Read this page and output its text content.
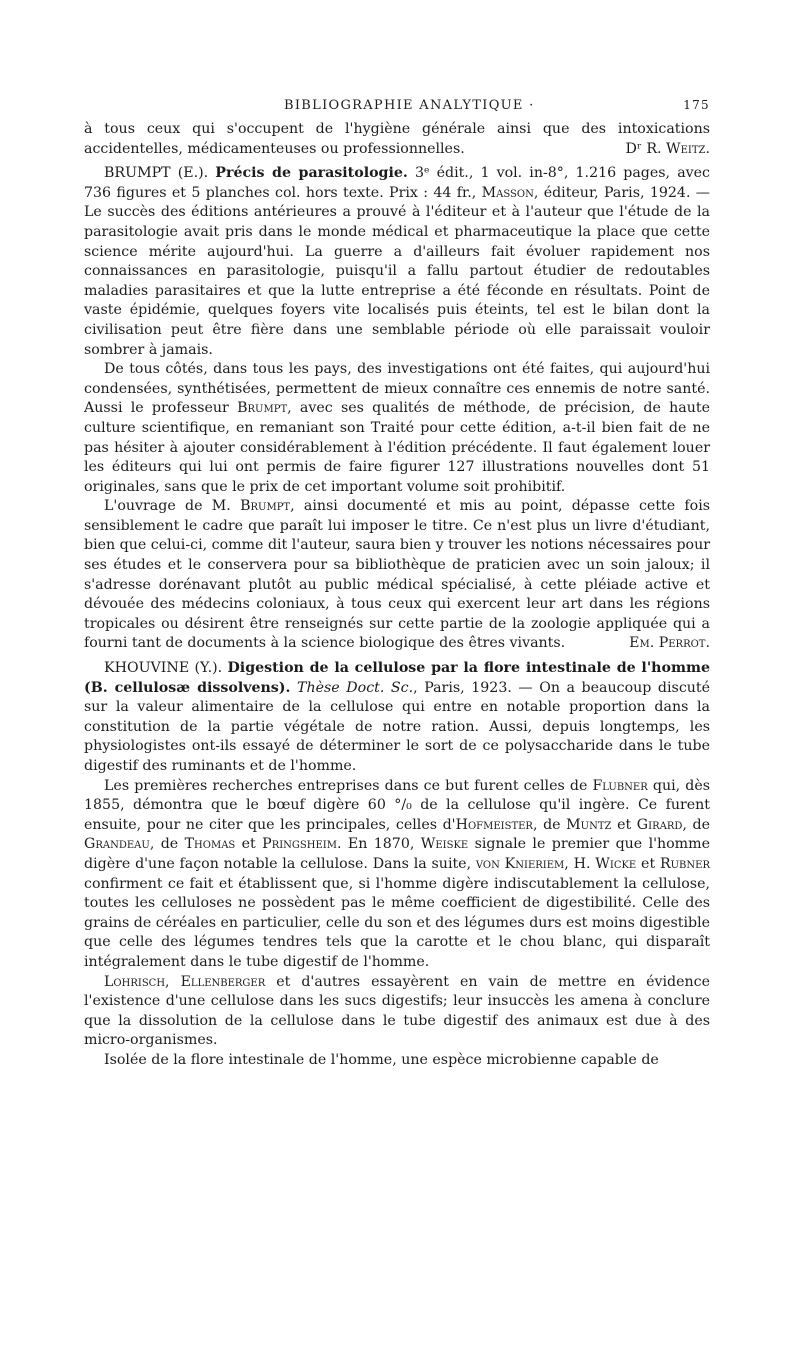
BIBLIOGRAPHIE ANALYTIQUE ·	175

à tous ceux qui s'occupent de l'hygiène générale ainsi que des intoxications accidentelles, médicamenteuses ou professionnelles.	Dʳ R. Weitz.

BRUMPT (E.). Précis de parasitologie. 3ᵉ édit., 1 vol. in-8°, 1.216 pages, avec 736 figures et 5 planches col. hors texte. Prix : 44 fr., Masson, éditeur, Paris, 1924. — Le succès des éditions antérieures a prouvé à l'éditeur et à l'auteur que l'étude de la parasitologie avait pris dans le monde médical et pharmaceutique la place que cette science mérite aujourd'hui. La guerre a d'ailleurs fait évoluer rapidement nos connaissances en parasitologie, puisqu'il a fallu partout étudier de redoutables maladies parasitaires et que la lutte entreprise a été féconde en résultats. Point de vaste épidémie, quelques foyers vite localisés puis éteints, tel est le bilan dont la civilisation peut être fière dans une semblable période où elle paraissait vouloir sombrer à jamais.

De tous côtés, dans tous les pays, des investigations ont été faites, qui aujourd'hui condensées, synthétisées, permettent de mieux connaître ces ennemis de notre santé. Aussi le professeur Brumpt, avec ses qualités de méthode, de précision, de haute culture scientifique, en remaniant son Traité pour cette édition, a-t-il bien fait de ne pas hésiter à ajouter considérablement à l'édition précédente. Il faut également louer les éditeurs qui lui ont permis de faire figurer 127 illustrations nouvelles dont 51 originales, sans que le prix de cet important volume soit prohibitif.

L'ouvrage de M. Brumpt, ainsi documenté et mis au point, dépasse cette fois sensiblement le cadre que paraît lui imposer le titre. Ce n'est plus un livre d'étudiant, bien que celui-ci, comme dit l'auteur, saura bien y trouver les notions nécessaires pour ses études et le conservera pour sa bibliothèque de praticien avec un soin jaloux; il s'adresse dorénavant plutôt au public médical spécialisé, à cette pléiade active et dévouée des médecins coloniaux, à tous ceux qui exercent leur art dans les régions tropicales ou désirent être renseignés sur cette partie de la zoologie appliquée qui a fourni tant de documents à la science biologique des êtres vivants.	Em. Perrot.

KHOUVINE (Y.). Digestion de la cellulose par la flore intestinale de l'homme (B. cellulosæ dissolvens). Thèse Doct. Sc., Paris, 1923. — On a beaucoup discuté sur la valeur alimentaire de la cellulose qui entre en notable proportion dans la constitution de la partie végétale de notre ration. Aussi, depuis longtemps, les physiologistes ont-ils essayé de déterminer le sort de ce polysaccharide dans le tube digestif des ruminants et de l'homme.

Les premières recherches entreprises dans ce but furent celles de Flubner qui, dès 1855, démontra que le bœuf digère 60 °/₀ de la cellulose qu'il ingère. Ce furent ensuite, pour ne citer que les principales, celles d'Hofmeister, de Muntz et Girard, de Grandeau, de Thomas et Pringsheim. En 1870, Weiske signale le premier que l'homme digère d'une façon notable la cellulose. Dans la suite, von Knieriem, H. Wicke et Rubner confirment ce fait et établissent que, si l'homme digère indiscutablement la cellulose, toutes les celluloses ne possèdent pas le même coefficient de digestibilité. Celle des grains de céréales en particulier, celle du son et des légumes durs est moins digestible que celle des légumes tendres tels que la carotte et le chou blanc, qui disparaît intégralement dans le tube digestif de l'homme.

Lohrisch, Ellenberger et d'autres essayèrent en vain de mettre en évidence l'existence d'une cellulose dans les sucs digestifs; leur insuccès les amena à conclure que la dissolution de la cellulose dans le tube digestif des animaux est due à des micro-organismes.

Isolée de la flore intestinale de l'homme, une espèce microbienne capable de
